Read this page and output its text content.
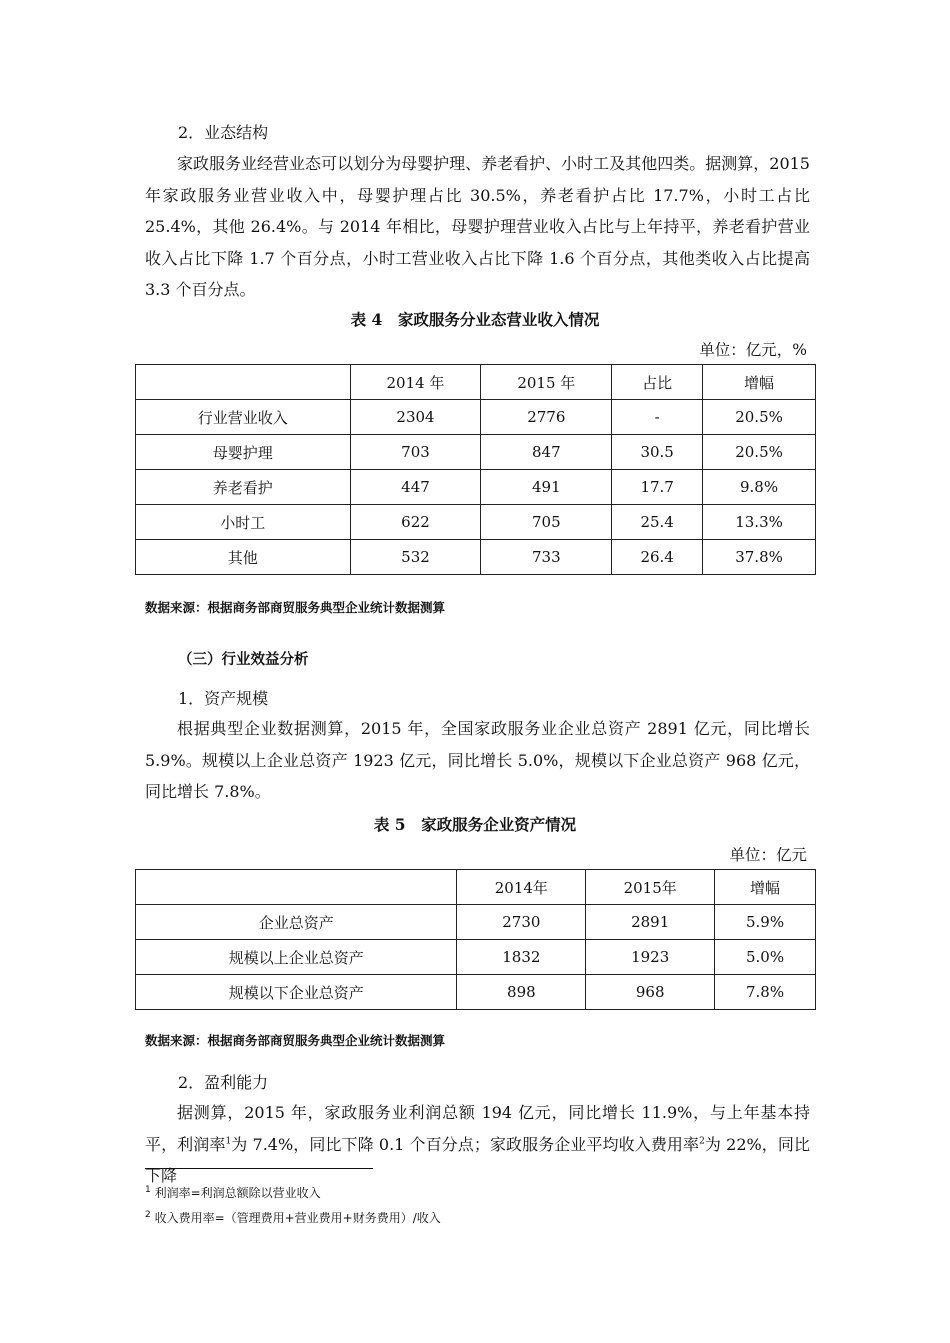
2．业态结构

家政服务业经营业态可以划分为母婴护理、养老看护、小时工及其他四类。据测算，2015 年家政服务业营业收入中，母婴护理占比 30.5%，养老看护占比 17.7%，小时工占比 25.4%，其他 26.4%。与 2014 年相比，母婴护理营业收入占比与上年持平，养老看护营业收入占比下降 1.7 个百分点，小时工营业收入占比下降 1.6 个百分点，其他类收入占比提高 3.3 个百分点。

表 4　家政服务分业态营业收入情况
单位：亿元，%
	2014 年	2015 年	占比	增幅
行业营业收入	2304	2776	-	20.5%
母婴护理	703	847	30.5	20.5%
养老看护	447	491	17.7	9.8%
小时工	622	705	25.4	13.3%
其他	532	733	26.4	37.8%
数据来源：根据商务部商贸服务典型企业统计数据测算
（三）行业效益分析
1．资产规模

根据典型企业数据测算，2015 年，全国家政服务业企业总资产 2891 亿元，同比增长 5.9%。规模以上企业总资产 1923 亿元，同比增长 5.0%，规模以下企业总资产 968 亿元，同比增长 7.8%。

表 5　家政服务企业资产情况
单位：亿元
	2014年	2015年	增幅
企业总资产	2730	2891	5.9%
规模以上企业总资产	1832	1923	5.0%
规模以下企业总资产	898	968	7.8%
数据来源：根据商务部商贸服务典型企业统计数据测算
2．盈利能力

据测算，2015 年，家政服务业利润总额 194 亿元，同比增长 11.9%，与上年基本持平，利润率$^1$为 7.4%，同比下降 0.1 个百分点；家政服务企业平均收入费用率$^2$为 22%，同比下降

$^1$ 利润率=利润总额除以营业收入
$^2$ 收入费用率=（管理费用+营业费用+财务费用）/收入
